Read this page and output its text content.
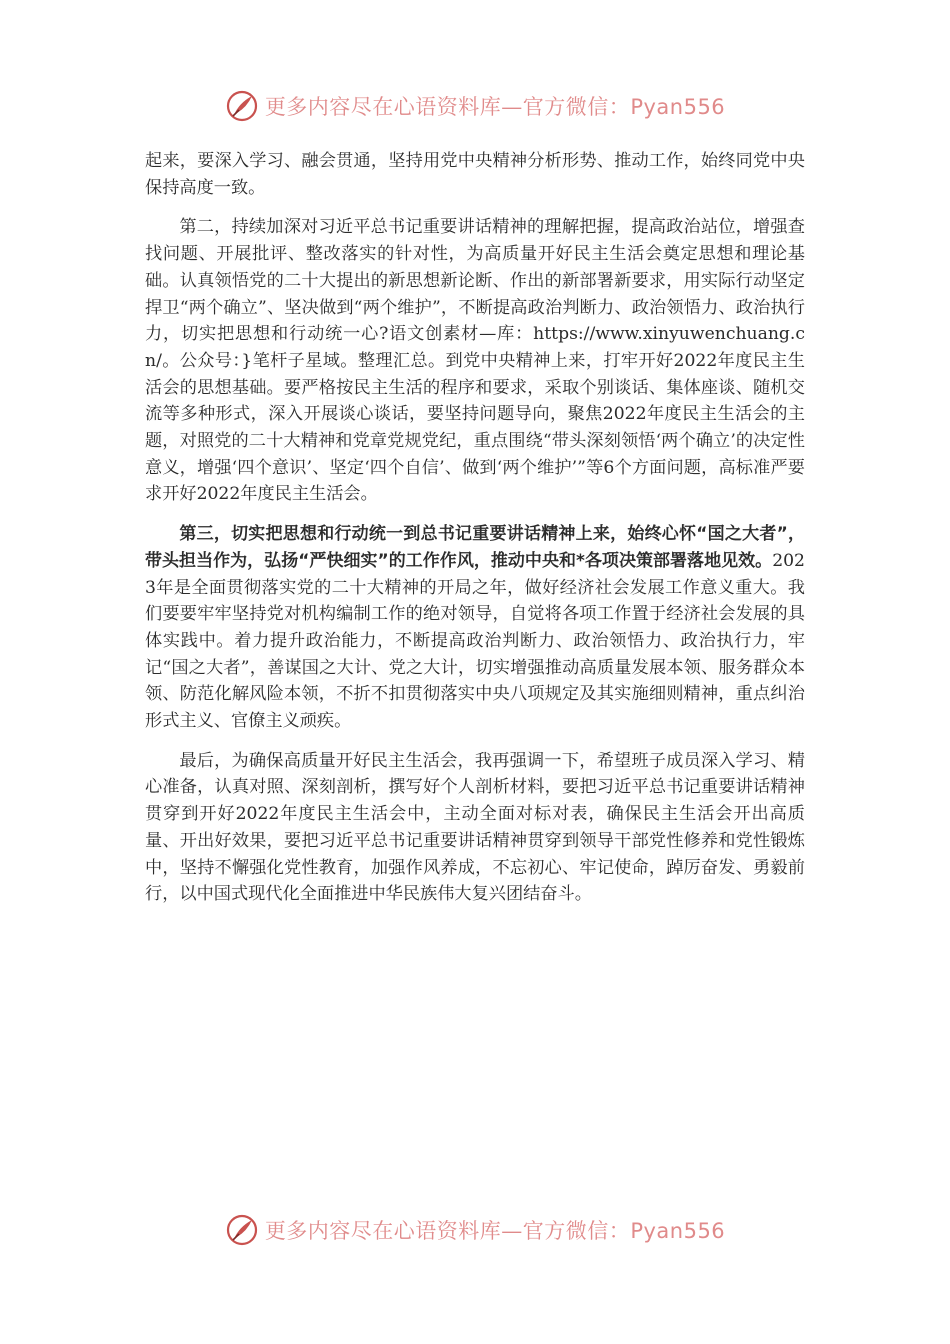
更多内容尽在心语资料库—官方微信：Pyan556

起来，要深入学习、融会贯通，坚持用党中央精神分析形势、推动工作，始终同党中央保持高度一致。

第二，持续加深对习近平总书记重要讲话精神的理解把握，提高政治站位，增强查找问题、开展批评、整改落实的针对性，为高质量开好民主生活会奠定思想和理论基础。认真领悟党的二十大提出的新思想新论断、作出的新部署新要求，用实际行动坚定捍卫“两个确立”、坚决做到“两个维护”，不断提高政治判断力、政治领悟力、政治执行力，切实把思想和行动统一心?语文创素材—库：https://www.xinyuwenchuang.cn/。公众号：}笔杆子星域。整理汇总。到党中央精神上来，打牢开好2022年度民主生活会的思想基础。要严格按民主生活的程序和要求，采取个别谈话、集体座谈、随机交流等多种形式，深入开展谈心谈话，要坚持问题导向，聚焦2022年度民主生活会的主题，对照党的二十大精神和党章党规党纪，重点围绕“带头深刻领悟‘两个确立’的决定性意义，增强‘四个意识’、坚定‘四个自信’、做到‘两个维护’”等6个方面问题，高标准严要求开好2022年度民主生活会。

第三，切实把思想和行动统一到总书记重要讲话精神上来，始终心怀“国之大者”，带头担当作为，弘扬“严快细实”的工作作风，推动中央和*各项决策部署落地见效。2023年是全面贯彻落实党的二十大精神的开局之年，做好经济社会发展工作意义重大。我们要要牢牢坚持党对机构编制工作的绝对领导，自觉将各项工作置于经济社会发展的具体实践中。着力提升政治能力，不断提高政治判断力、政治领悟力、政治执行力，牢记“国之大者”，善谋国之大计、党之大计，切实增强推动高质量发展本领、服务群众本领、防范化解风险本领，不折不扣贯彻落实中央八项规定及其实施细则精神，重点纠治形式主义、官僚主义顽疾。

最后，为确保高质量开好民主生活会，我再强调一下，希望班子成员深入学习、精心准备，认真对照、深刻剖析，撰写好个人剖析材料，要把习近平总书记重要讲话精神贯穿到开好2022年度民主生活会中，主动全面对标对表，确保民主生活会开出高质量、开出好效果，要把习近平总书记重要讲话精神贯穿到领导干部党性修养和党性锻炼中，坚持不懈强化党性教育，加强作风养成，不忘初心、牢记使命，踔厉奋发、勇毅前行，以中国式现代化全面推进中华民族伟大复兴团结奋斗。

更多内容尽在心语资料库—官方微信：Pyan556
